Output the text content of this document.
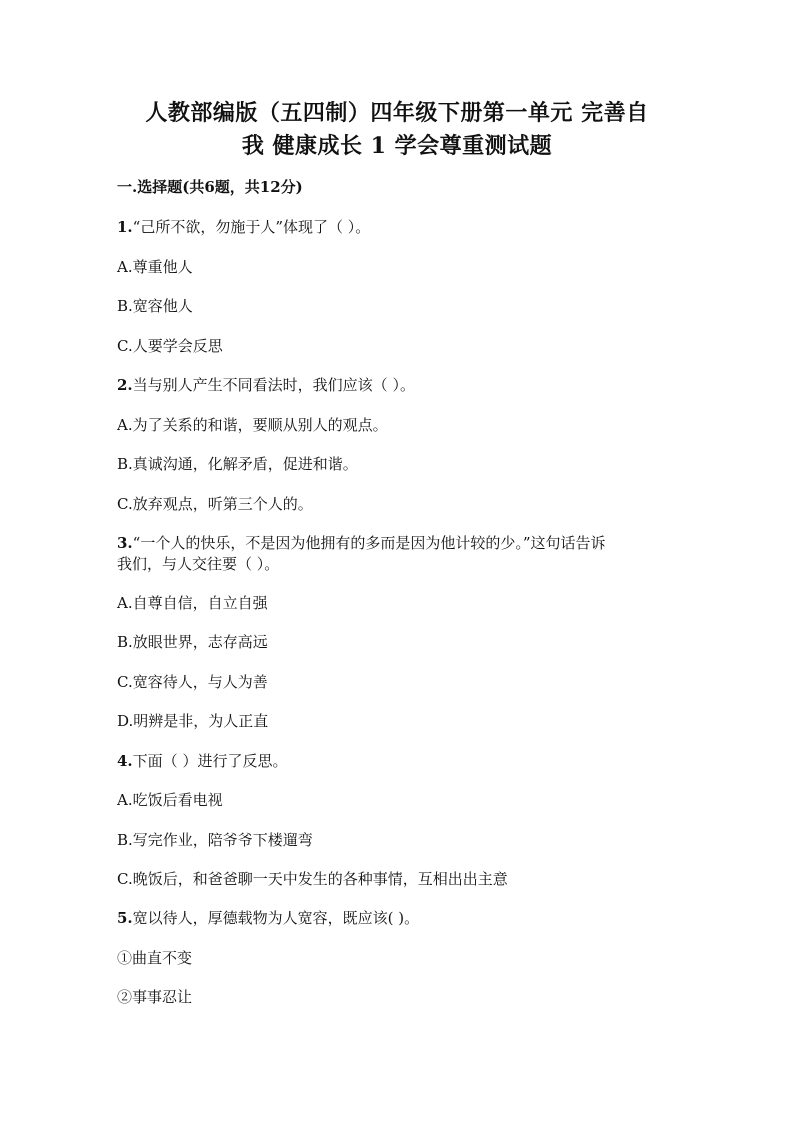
人教部编版（五四制）四年级下册第一单元 完善自
我 健康成长 1 学会尊重测试题

一.选择题(共6题，共12分)

1.“己所不欲，勿施于人”体现了（ ）。

A.尊重他人

B.宽容他人

C.人要学会反思

2.当与别人产生不同看法时，我们应该（ ）。

A.为了关系的和谐，要顺从别人的观点。

B.真诚沟通，化解矛盾，促进和谐。

C.放弃观点，听第三个人的。

3.“一个人的快乐，不是因为他拥有的多而是因为他计较的少。”这句话告诉

我们，与人交往要（ ）。

A.自尊自信，自立自强

B.放眼世界，志存高远

C.宽容待人，与人为善

D.明辨是非，为人正直

4.下面（ ）进行了反思。

A.吃饭后看电视

B.写完作业，陪爷爷下楼遛弯

C.晚饭后，和爸爸聊一天中发生的各种事情，互相出出主意

5.宽以待人，厚德载物为人宽容，既应该( )。

①曲直不变

②事事忍让
